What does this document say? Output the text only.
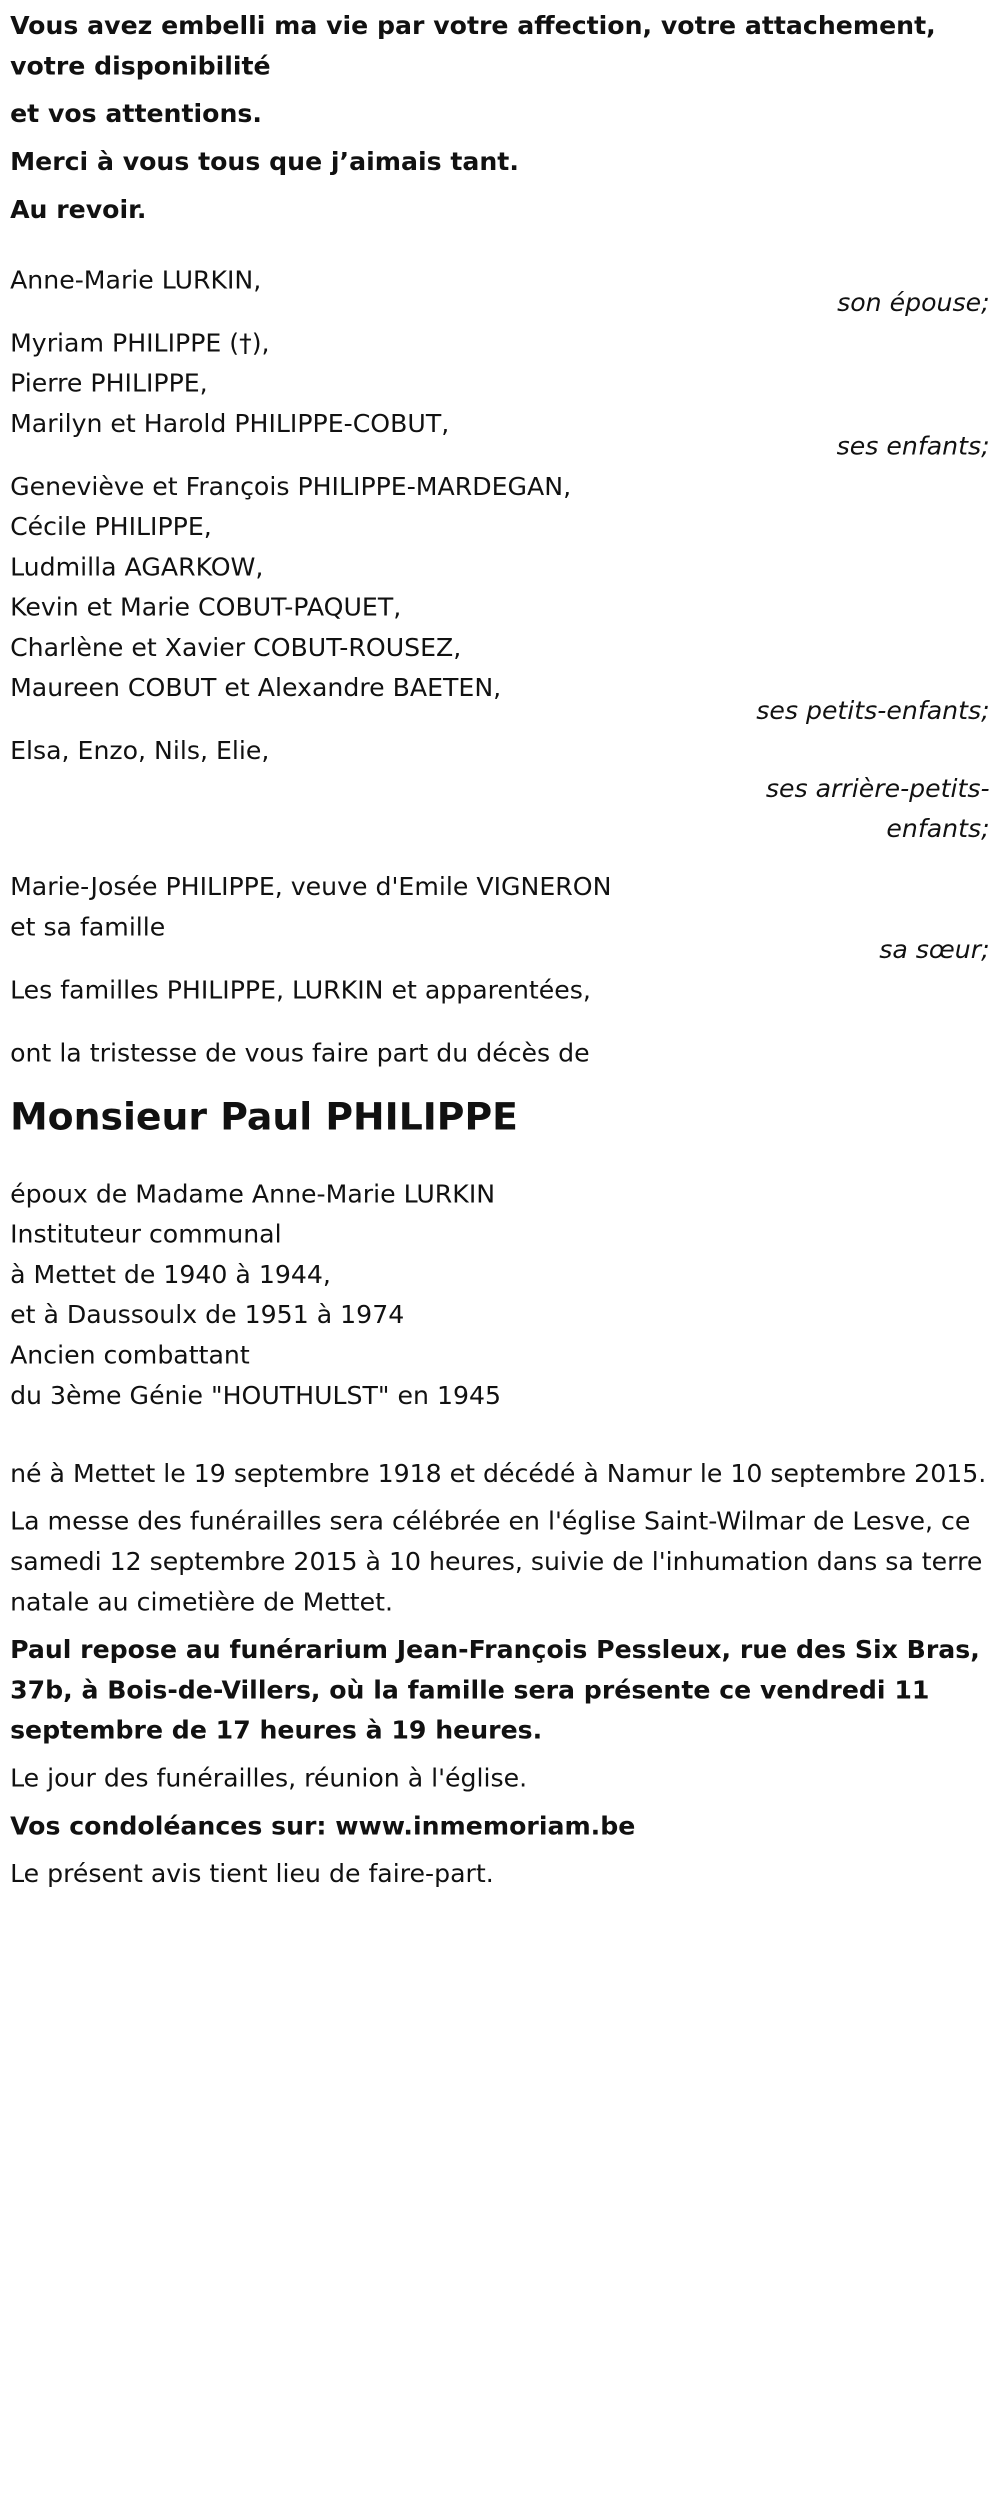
Vous avez embelli ma vie par votre affection, votre attachement, votre disponibilité

et vos attentions.

Merci à vous tous que j’aimais tant.

Au revoir.

Anne-Marie LURKIN,
son épouse;
Myriam PHILIPPE (†),
Pierre PHILIPPE,
Marilyn et Harold PHILIPPE-COBUT,
ses enfants;
Geneviève et François PHILIPPE-MARDEGAN,
Cécile PHILIPPE,
Ludmilla AGARKOW,
Kevin et Marie COBUT-PAQUET,
Charlène et Xavier COBUT-ROUSEZ,
Maureen COBUT et Alexandre BAETEN,
ses petits-enfants;
Elsa, Enzo, Nils, Elie,
ses arrière-petits-
enfants;
Marie-Josée PHILIPPE, veuve d'Emile VIGNERON
et sa famille
sa sœur;
Les familles PHILIPPE, LURKIN et apparentées,

ont la tristesse de vous faire part du décès de

Monsieur Paul PHILIPPE
époux de Madame Anne-Marie LURKIN
Instituteur communal
à Mettet de 1940 à 1944,
et à Daussoulx de 1951 à 1974
Ancien combattant
du 3ème Génie "HOUTHULST" en 1945

né à Mettet le 19 septembre 1918 et décédé à Namur le 10 septembre 2015.

La messe des funérailles sera célébrée en l'église Saint-Wilmar de Lesve, ce samedi 12 septembre 2015 à 10 heures, suivie de l'inhumation dans sa terre natale au cimetière de Mettet.

Paul repose au funérarium Jean-François Pessleux, rue des Six Bras, 37b, à Bois-de-Villers, où la famille sera présente ce vendredi 11 septembre de 17 heures à 19 heures.

Le jour des funérailles, réunion à l'église.

Vos condoléances sur: www.inmemoriam.be

Le présent avis tient lieu de faire-part.
